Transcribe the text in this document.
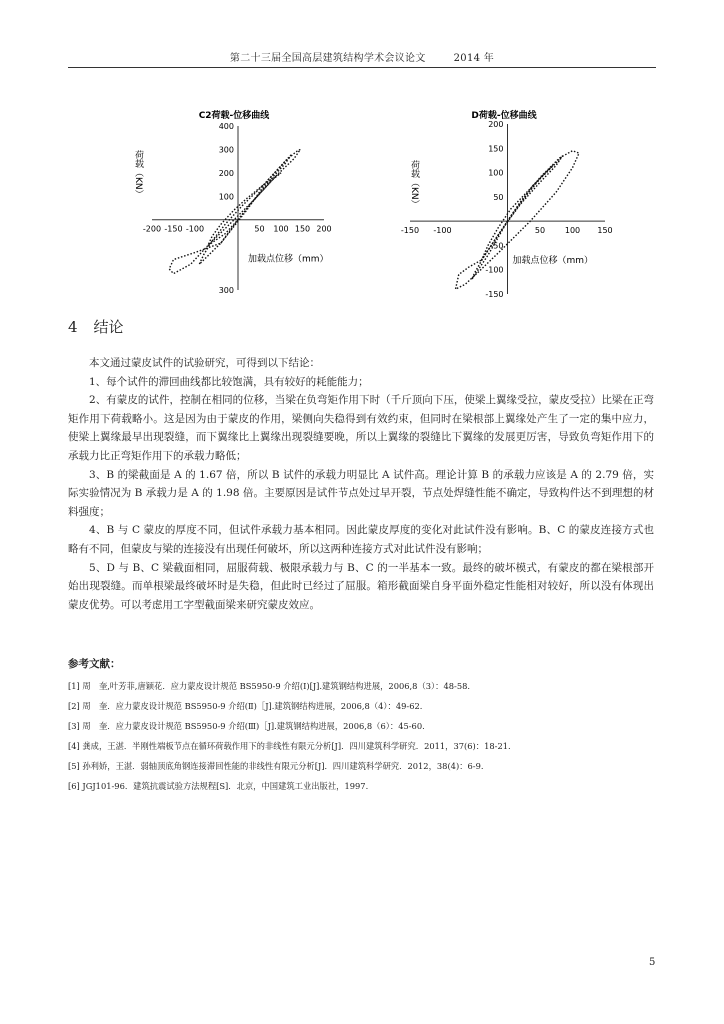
第二十三届全国高层建筑结构学术会议论文	2014 年
C2荷载-位移曲线
-200 -150 -100	50 100 150 200
400
300
200
100
300
荷载（KN）
加载点位移（mm）
D荷载-位移曲线
-150 -100	50 100 150
200
150
100
50
-50
-100
-150
荷载（KN）
加载点位移（mm）
4 结论

本文通过蒙皮试件的试验研究，可得到以下结论：

1、每个试件的滞回曲线都比较饱满，具有较好的耗能能力；

2、有蒙皮的试件，控制在相同的位移，当梁在负弯矩作用下时（千斤顶向下压，使梁上翼缘受拉，蒙皮受拉）比梁在正弯矩作用下荷载略小。这是因为由于蒙皮的作用，梁侧向失稳得到有效约束，但同时在梁根部上翼缘处产生了一定的集中应力，使梁上翼缘最早出现裂缝，而下翼缘比上翼缘出现裂缝要晚，所以上翼缘的裂缝比下翼缘的发展更厉害，导致负弯矩作用下的承载力比正弯矩作用下的承载力略低；

3、B 的梁截面是 A 的 1.67 倍，所以 B 试件的承载力明显比 A 试件高。理论计算 B 的承载力应该是 A 的 2.79 倍，实际实验情况为 B 承载力是 A 的 1.98 倍。主要原因是试件节点处过早开裂，节点处焊缝性能不确定，导致构件达不到理想的材料强度；

4、B 与 C 蒙皮的厚度不同，但试件承载力基本相同。因此蒙皮厚度的变化对此试件没有影响。B、C 的蒙皮连接方式也略有不同，但蒙皮与梁的连接没有出现任何破坏，所以这两种连接方式对此试件没有影响；

5、D 与 B、C 梁截面相同，屈服荷载、极限承载力与 B、C 的一半基本一致。最终的破坏模式，有蒙皮的都在梁根部开始出现裂缝。而单根梁最终破坏时是失稳，但此时已经过了屈服。箱形截面梁自身平面外稳定性能相对较好，所以没有体现出蒙皮优势。可以考虑用工字型截面梁来研究蒙皮效应。

参考文献：
[1] 周　奎,叶芳菲,唐颖花．应力蒙皮设计规范 BS5950-9 介绍(Ⅰ)[J].建筑钢结构进展，2006,8（3）：48-58.
[2] 周　奎．应力蒙皮设计规范 BS5950-9 介绍(Ⅱ)［J].建筑钢结构进展，2006,8（4）：49-62.
[3] 周　奎．应力蒙皮设计规范 BS5950-9 介绍(Ⅲ)［J].建筑钢结构进展，2006,8（6）：45-60.
[4] 龚成，王湛．半刚性端板节点在循环荷载作用下的非线性有限元分析[J]．四川建筑科学研究．2011，37(6)：18-21.
[5] 孙利娇，王湛．弱轴顶底角钢连接滞回性能的非线性有限元分析[J]．四川建筑科学研究．2012，38(4)：6-9.
[6] JGJ101-96．建筑抗震试验方法规程[S]．北京，中国建筑工业出版社，1997.
5
